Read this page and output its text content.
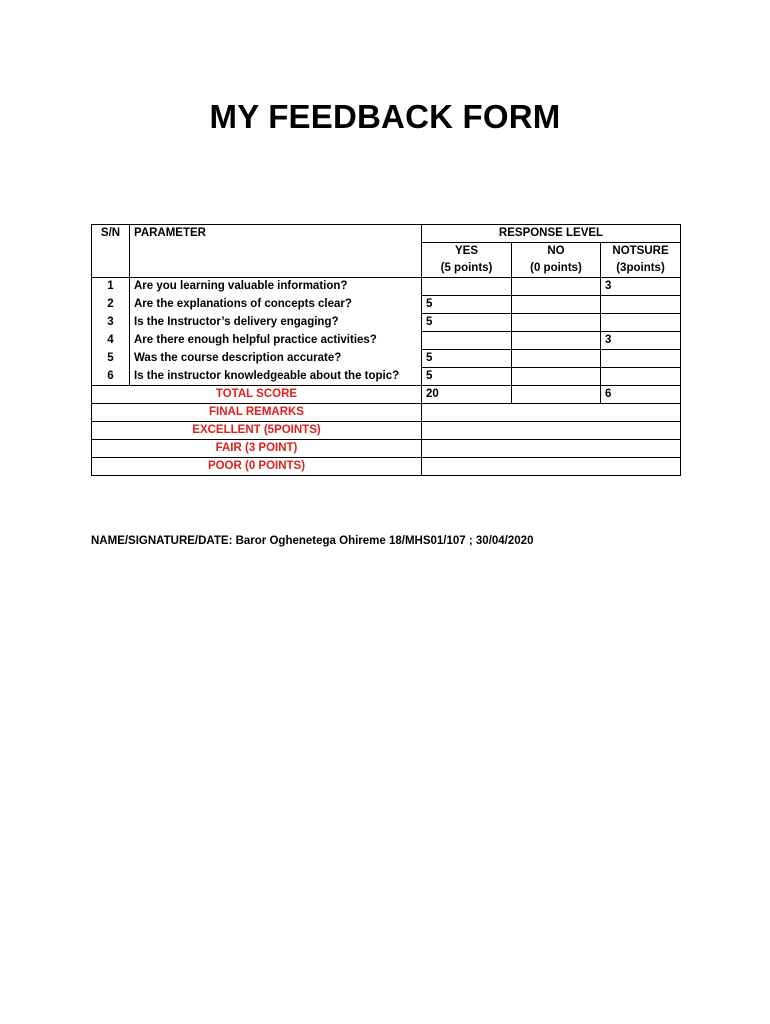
MY FEEDBACK FORM
S/N	PARAMETER	RESPONSE LEVEL		
		YES	NO	NOTSURE
		(5 points)	(0 points)	(3points)
1	Are you learning valuable information?			3
2	Are the explanations of concepts clear?	5		
3	Is the Instructor’s delivery engaging?	5		
4	Are there enough helpful practice activities?			3
5	Was the course description accurate?	5		
6	Is the instructor knowledgeable about the topic?	5		
TOTAL SCORE		20		6
FINAL REMARKS				
EXCELLENT (5POINTS)				
FAIR (3 POINT)				
POOR (0 POINTS)				
NAME/SIGNATURE/DATE: Baror Oghenetega Ohireme 18/MHS01/107 ; 30/04/2020
